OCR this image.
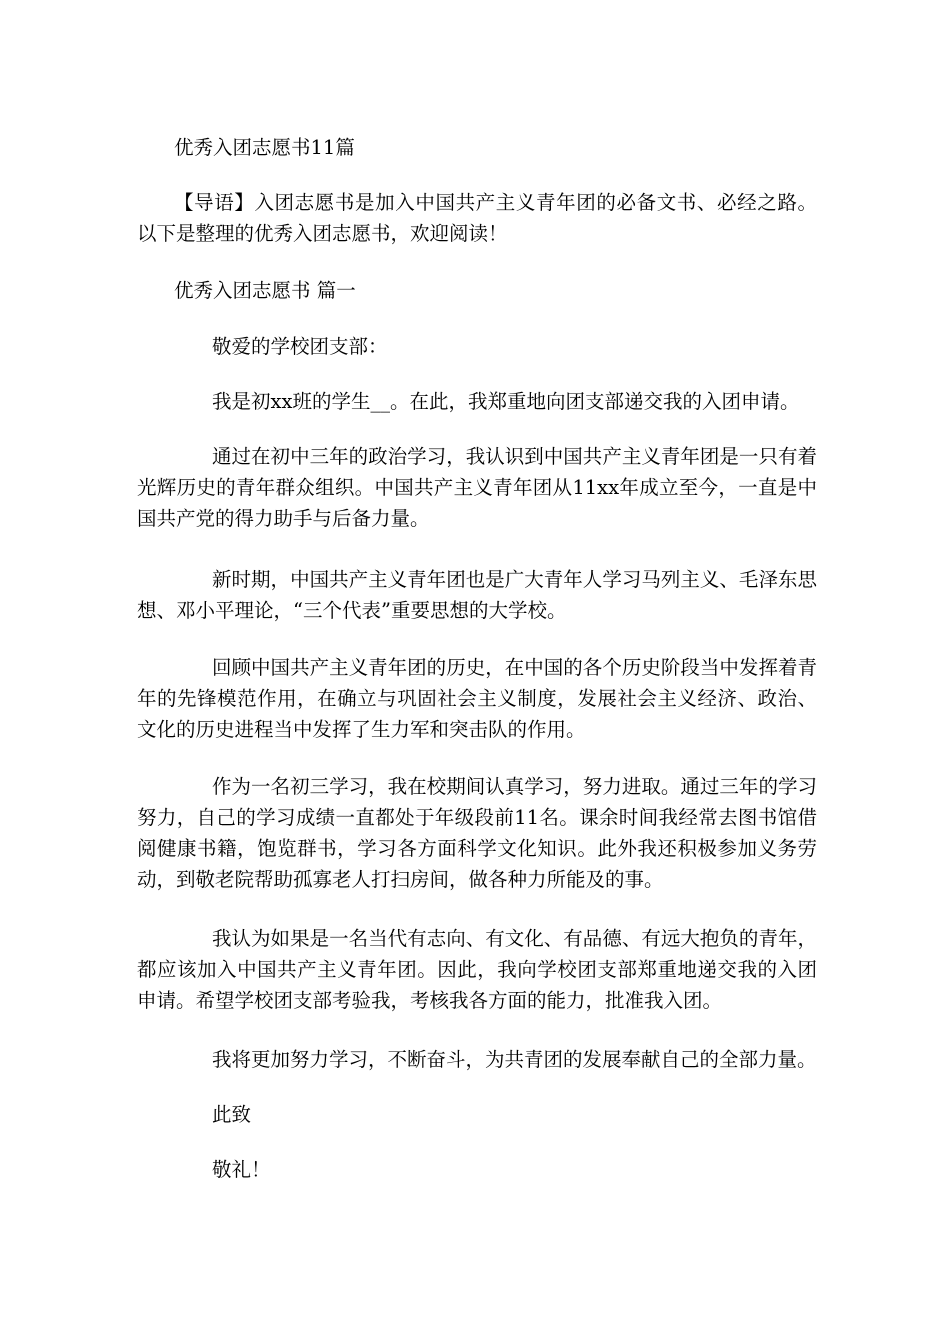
优秀入团志愿书11篇

【导语】入团志愿书是加入中国共产主义青年团的必备文书、必经之路。以下是整理的优秀入团志愿书，欢迎阅读！

优秀入团志愿书 篇一

敬爱的学校团支部：

我是初xx班的学生__。在此，我郑重地向团支部递交我的入团申请。

通过在初中三年的政治学习，我认识到中国共产主义青年团是一只有着光辉历史的青年群众组织。中国共产主义青年团从11xx年成立至今，一直是中国共产党的得力助手与后备力量。

新时期，中国共产主义青年团也是广大青年人学习马列主义、毛泽东思想、邓小平理论，“三个代表”重要思想的大学校。

回顾中国共产主义青年团的历史，在中国的各个历史阶段当中发挥着青年的先锋模范作用，在确立与巩固社会主义制度，发展社会主义经济、政治、文化的历史进程当中发挥了生力军和突击队的作用。

作为一名初三学习，我在校期间认真学习，努力进取。通过三年的学习努力，自己的学习成绩一直都处于年级段前11名。课余时间我经常去图书馆借阅健康书籍，饱览群书，学习各方面科学文化知识。此外我还积极参加义务劳动，到敬老院帮助孤寡老人打扫房间，做各种力所能及的事。

我认为如果是一名当代有志向、有文化、有品德、有远大抱负的青年，都应该加入中国共产主义青年团。因此，我向学校团支部郑重地递交我的入团申请。希望学校团支部考验我，考核我各方面的能力，批准我入团。

我将更加努力学习，不断奋斗，为共青团的发展奉献自己的全部力量。

此致

敬礼！
